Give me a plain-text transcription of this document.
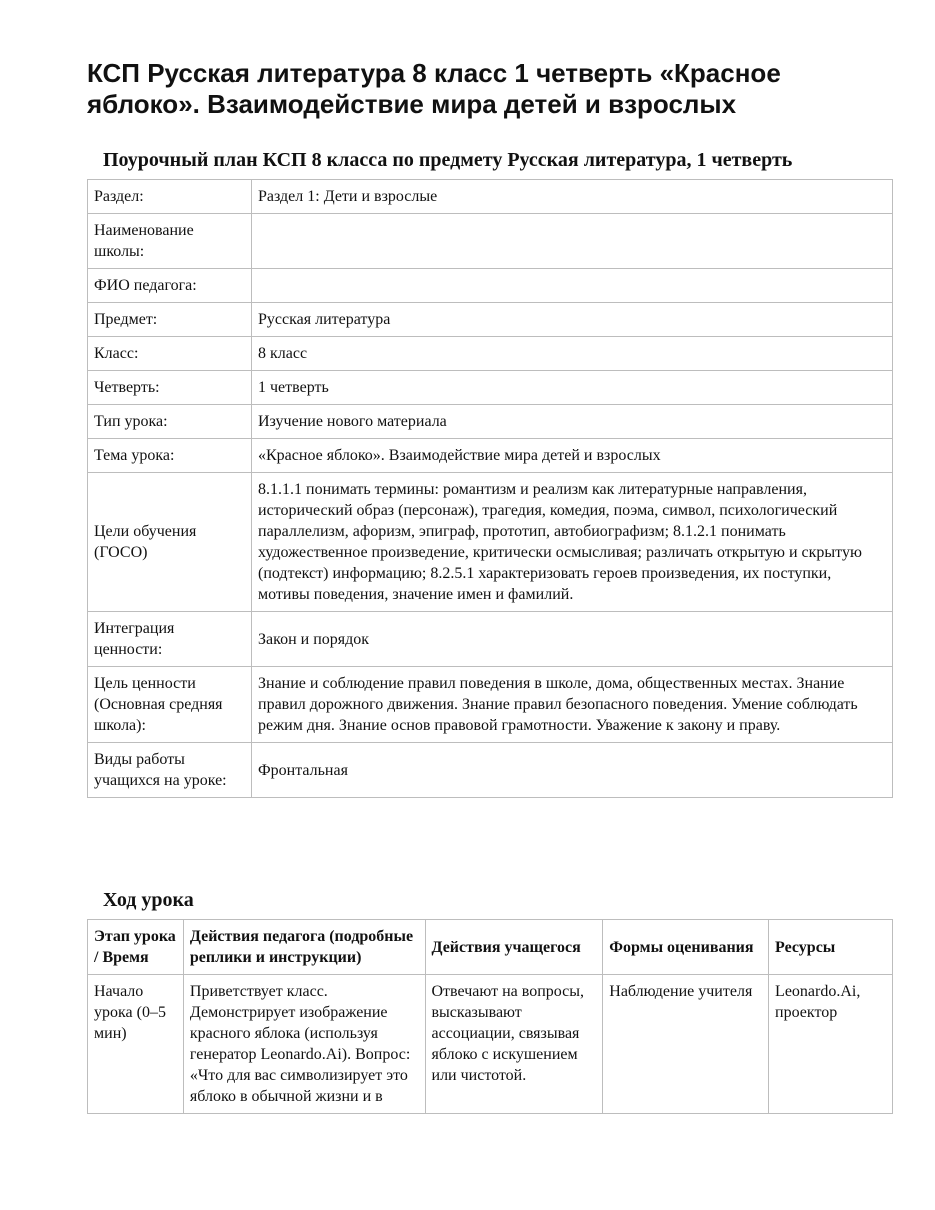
КСП Русская литература 8 класс 1 четверть «Красное яблоко». Взаимодействие мира детей и взрослых
Поурочный план КСП 8 класса по предмету Русская литература, 1 четверть
Раздел:	Раздел 1: Дети и взрослые
Наименование школы:	
ФИО педагога:	
Предмет:	Русская литература
Класс:	8 класс
Четверть:	1 четверть
Тип урока:	Изучение нового материала
Тема урока:	«Красное яблоко». Взаимодействие мира детей и взрослых
Цели обучения (ГОСО)	8.1.1.1 понимать термины: романтизм и реализм как литературные направления, исторический образ (персонаж), трагедия, комедия, поэма, символ, психологический параллелизм, афоризм, эпиграф, прототип, автобиографизм; 8.1.2.1 понимать художественное произведение, критически осмысливая; различать открытую и скрытую (подтекст) информацию; 8.2.5.1 характеризовать героев произведения, их поступки, мотивы поведения, значение имен и фамилий.
Интеграция ценности:	Закон и порядок
Цель ценности (Основная средняя школа):	Знание и соблюдение правил поведения в школе, дома, общественных местах. Знание правил дорожного движения. Знание правил безопасного поведения. Умение соблюдать режим дня. Знание основ правовой грамотности. Уважение к закону и праву.
Виды работы учащихся на уроке:	Фронтальная
Ход урока
Этап урока / Время	Действия педагога (подробные реплики и инструкции)	Действия учащегося	Формы оценивания	Ресурсы
Начало урока (0–5 мин)	Приветствует класс. Демонстрирует изображение красного яблока (используя генератор Leonardo.Ai). Вопрос: «Что для вас символизирует это яблоко в обычной жизни и в	Отвечают на вопросы, высказывают ассоциации, связывая яблоко с искушением или чистотой.	Наблюдение учителя	Leonardo.Ai, проектор
